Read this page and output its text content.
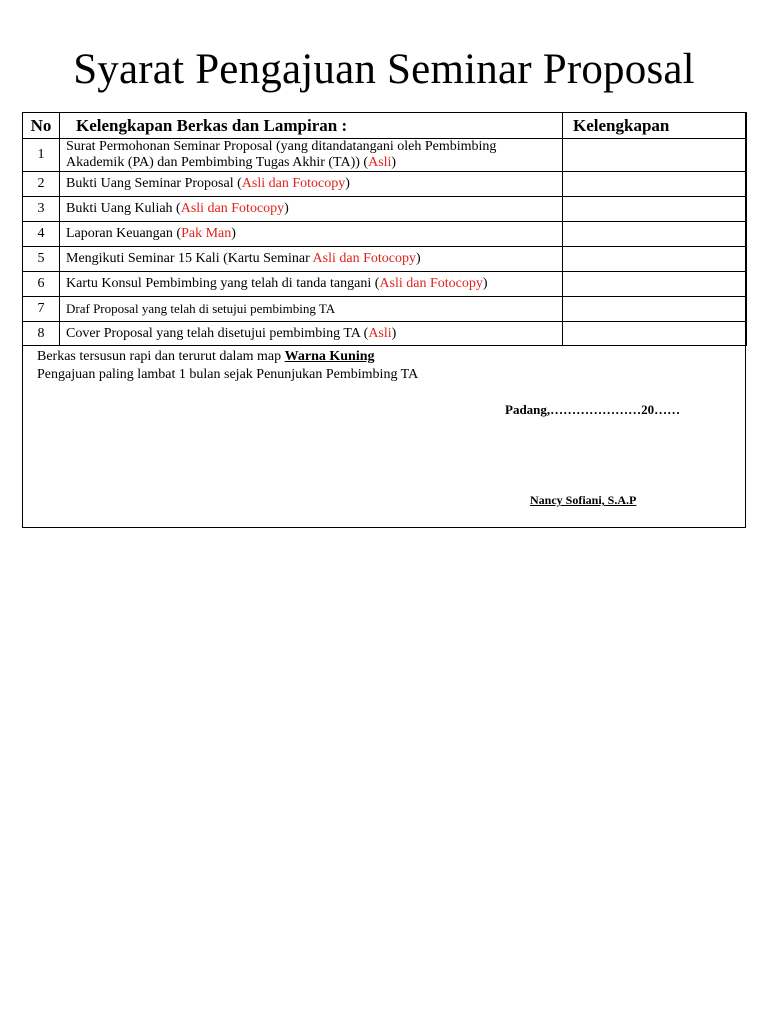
Syarat Pengajuan Seminar Proposal
No	Kelengkapan Berkas dan Lampiran :	Kelengkapan
1	Surat Permohonan Seminar Proposal (yang ditandatangani oleh Pembimbing Akademik (PA) dan Pembimbing Tugas Akhir (TA)) (Asli)	
2	Bukti Uang Seminar Proposal (Asli dan Fotocopy)	
3	Bukti Uang Kuliah (Asli dan Fotocopy)	
4	Laporan Keuangan (Pak Man)	
5	Mengikuti Seminar 15 Kali (Kartu Seminar Asli dan Fotocopy)	
6	Kartu Konsul Pembimbing yang telah di tanda tangani (Asli dan Fotocopy)	
7	Draf Proposal yang telah di setujui pembimbing TA	
8	Cover Proposal yang telah disetujui pembimbing TA (Asli)	
Berkas tersusun rapi dan terurut dalam map Warna Kuning
Pengajuan paling lambat 1 bulan sejak Penunjukan Pembimbing TA
Padang,…………………20……
Nancy Sofiani, S.A.P
